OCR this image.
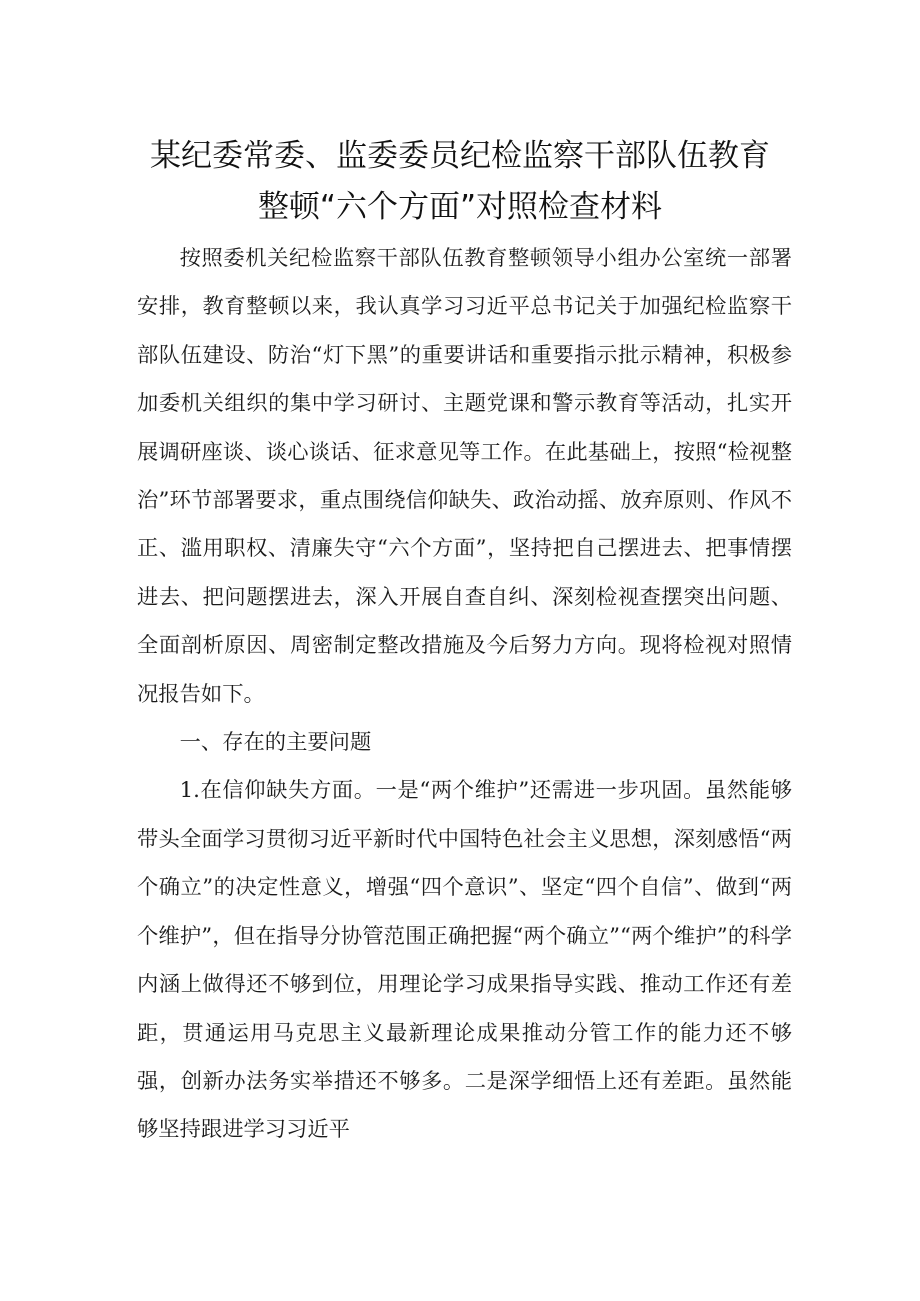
某纪委常委、监委委员纪检监察干部队伍教育
整顿“六个方面”对照检查材料

按照委机关纪检监察干部队伍教育整顿领导小组办公室统一部署安排，教育整顿以来，我认真学习习近平总书记关于加强纪检监察干部队伍建设、防治“灯下黑”的重要讲话和重要指示批示精神，积极参加委机关组织的集中学习研讨、主题党课和警示教育等活动，扎实开展调研座谈、谈心谈话、征求意见等工作。在此基础上，按照“检视整治”环节部署要求，重点围绕信仰缺失、政治动摇、放弃原则、作风不正、滥用职权、清廉失守“六个方面”，坚持把自己摆进去、把事情摆进去、把问题摆进去，深入开展自查自纠、深刻检视查摆突出问题、全面剖析原因、周密制定整改措施及今后努力方向。现将检视对照情况报告如下。

一、存在的主要问题

1.在信仰缺失方面。一是“两个维护”还需进一步巩固。虽然能够带头全面学习贯彻习近平新时代中国特色社会主义思想，深刻感悟“两个确立”的决定性意义，增强“四个意识”、坚定“四个自信”、做到“两个维护”，但在指导分协管范围正确把握“两个确立”“两个维护”的科学内涵上做得还不够到位，用理论学习成果指导实践、推动工作还有差距，贯通运用马克思主义最新理论成果推动分管工作的能力还不够强，创新办法务实举措还不够多。二是深学细悟上还有差距。虽然能够坚持跟进学习习近平
